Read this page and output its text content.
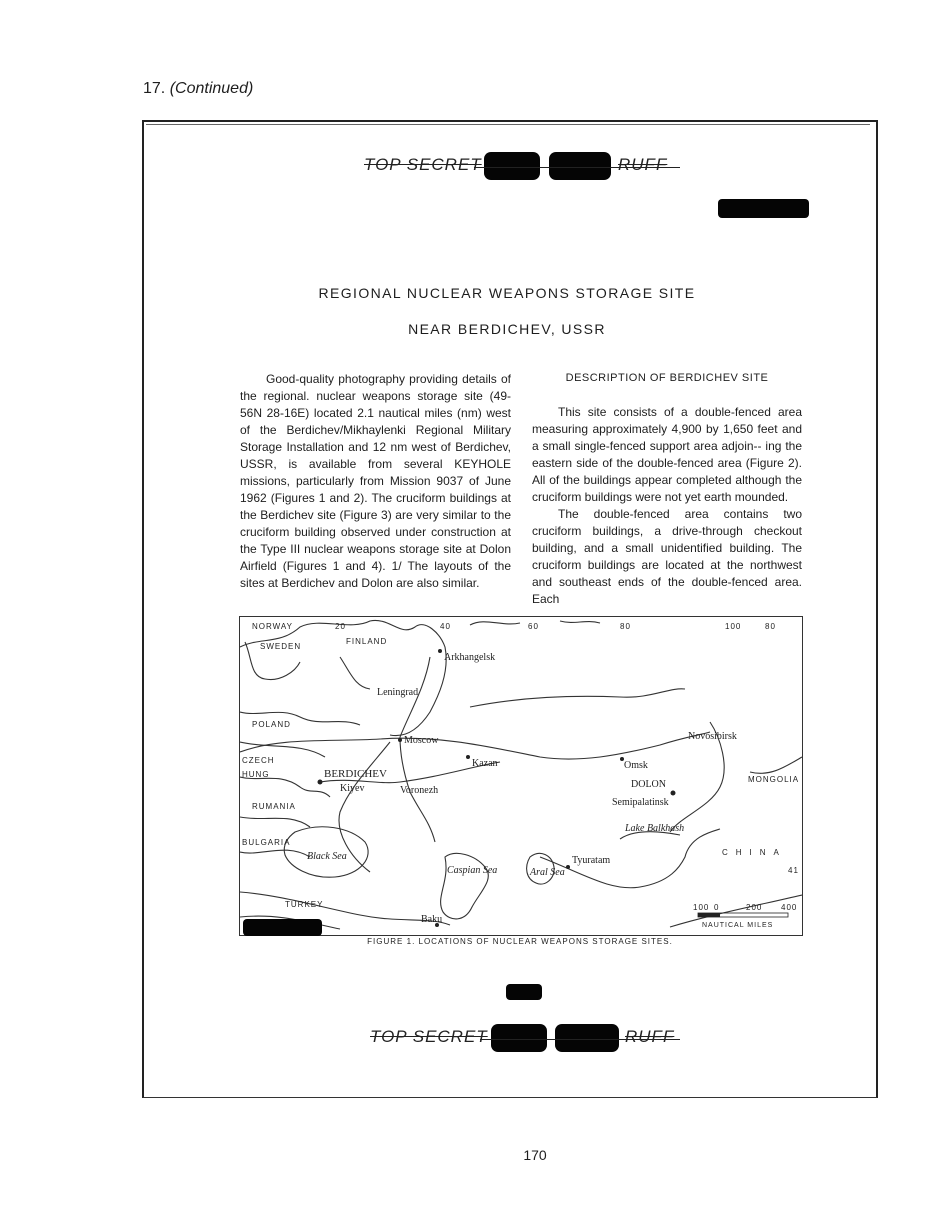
17. (Continued)
TOP SECRET	RUFF
REGIONAL NUCLEAR WEAPONS STORAGE SITE
NEAR BERDICHEV, USSR

Good-quality photography providing details of the regional. nuclear weapons storage site (49-56N 28-16E) located 2.1 nautical miles (nm) west of the Berdichev/Mikhaylenki Regional Military Storage Installation and 12 nm west of Berdichev, USSR, is available from several KEYHOLE missions, particularly from Mission 9037 of June 1962 (Figures 1 and 2). The cruciform buildings at the Berdichev site (Figure 3) are very similar to the cruciform building observed under construction at the Type III nuclear weapons storage site at Dolon Airfield (Figures 1 and 4). 1/ The layouts of the sites at Berdichev and Dolon are also similar.

DESCRIPTION OF BERDICHEV SITE

This site consists of a double-fenced area measuring approximately 4,900 by 1,650 feet and a small single-fenced support area adjoin-- ing the eastern side of the double-fenced area (Figure 2). All of the buildings appear completed although the cruciform buildings were not yet earth mounded.

The double-fenced area contains two cruciform buildings, a drive-through checkout building, and a small unidentified building. The cruciform buildings are located at the northwest and southeast ends of the double-fenced area. Each

20	40	60	80	100	80
NORWAY
SWEDEN
FINLAND
POLAND
CZECH
HUNG
RUMANIA
BULGARIA
TURKEY
MONGOLIA
CHINA
Arkhangelsk
Leningrad
Moscow
Kazan	Omsk
Novosibirsk
BERDICHEV
Kiyev	Voronezh
DOLON
Semipalatinsk
Tyuratam
Baku
Lake Balkhash
Black Sea
Caspian Sea	Aral Sea
100 0	200 400
NAUTICAL MILES
41
FIGURE 1. LOCATIONS OF NUCLEAR WEAPONS STORAGE SITES.
TOP SECRET	RUFF
170
